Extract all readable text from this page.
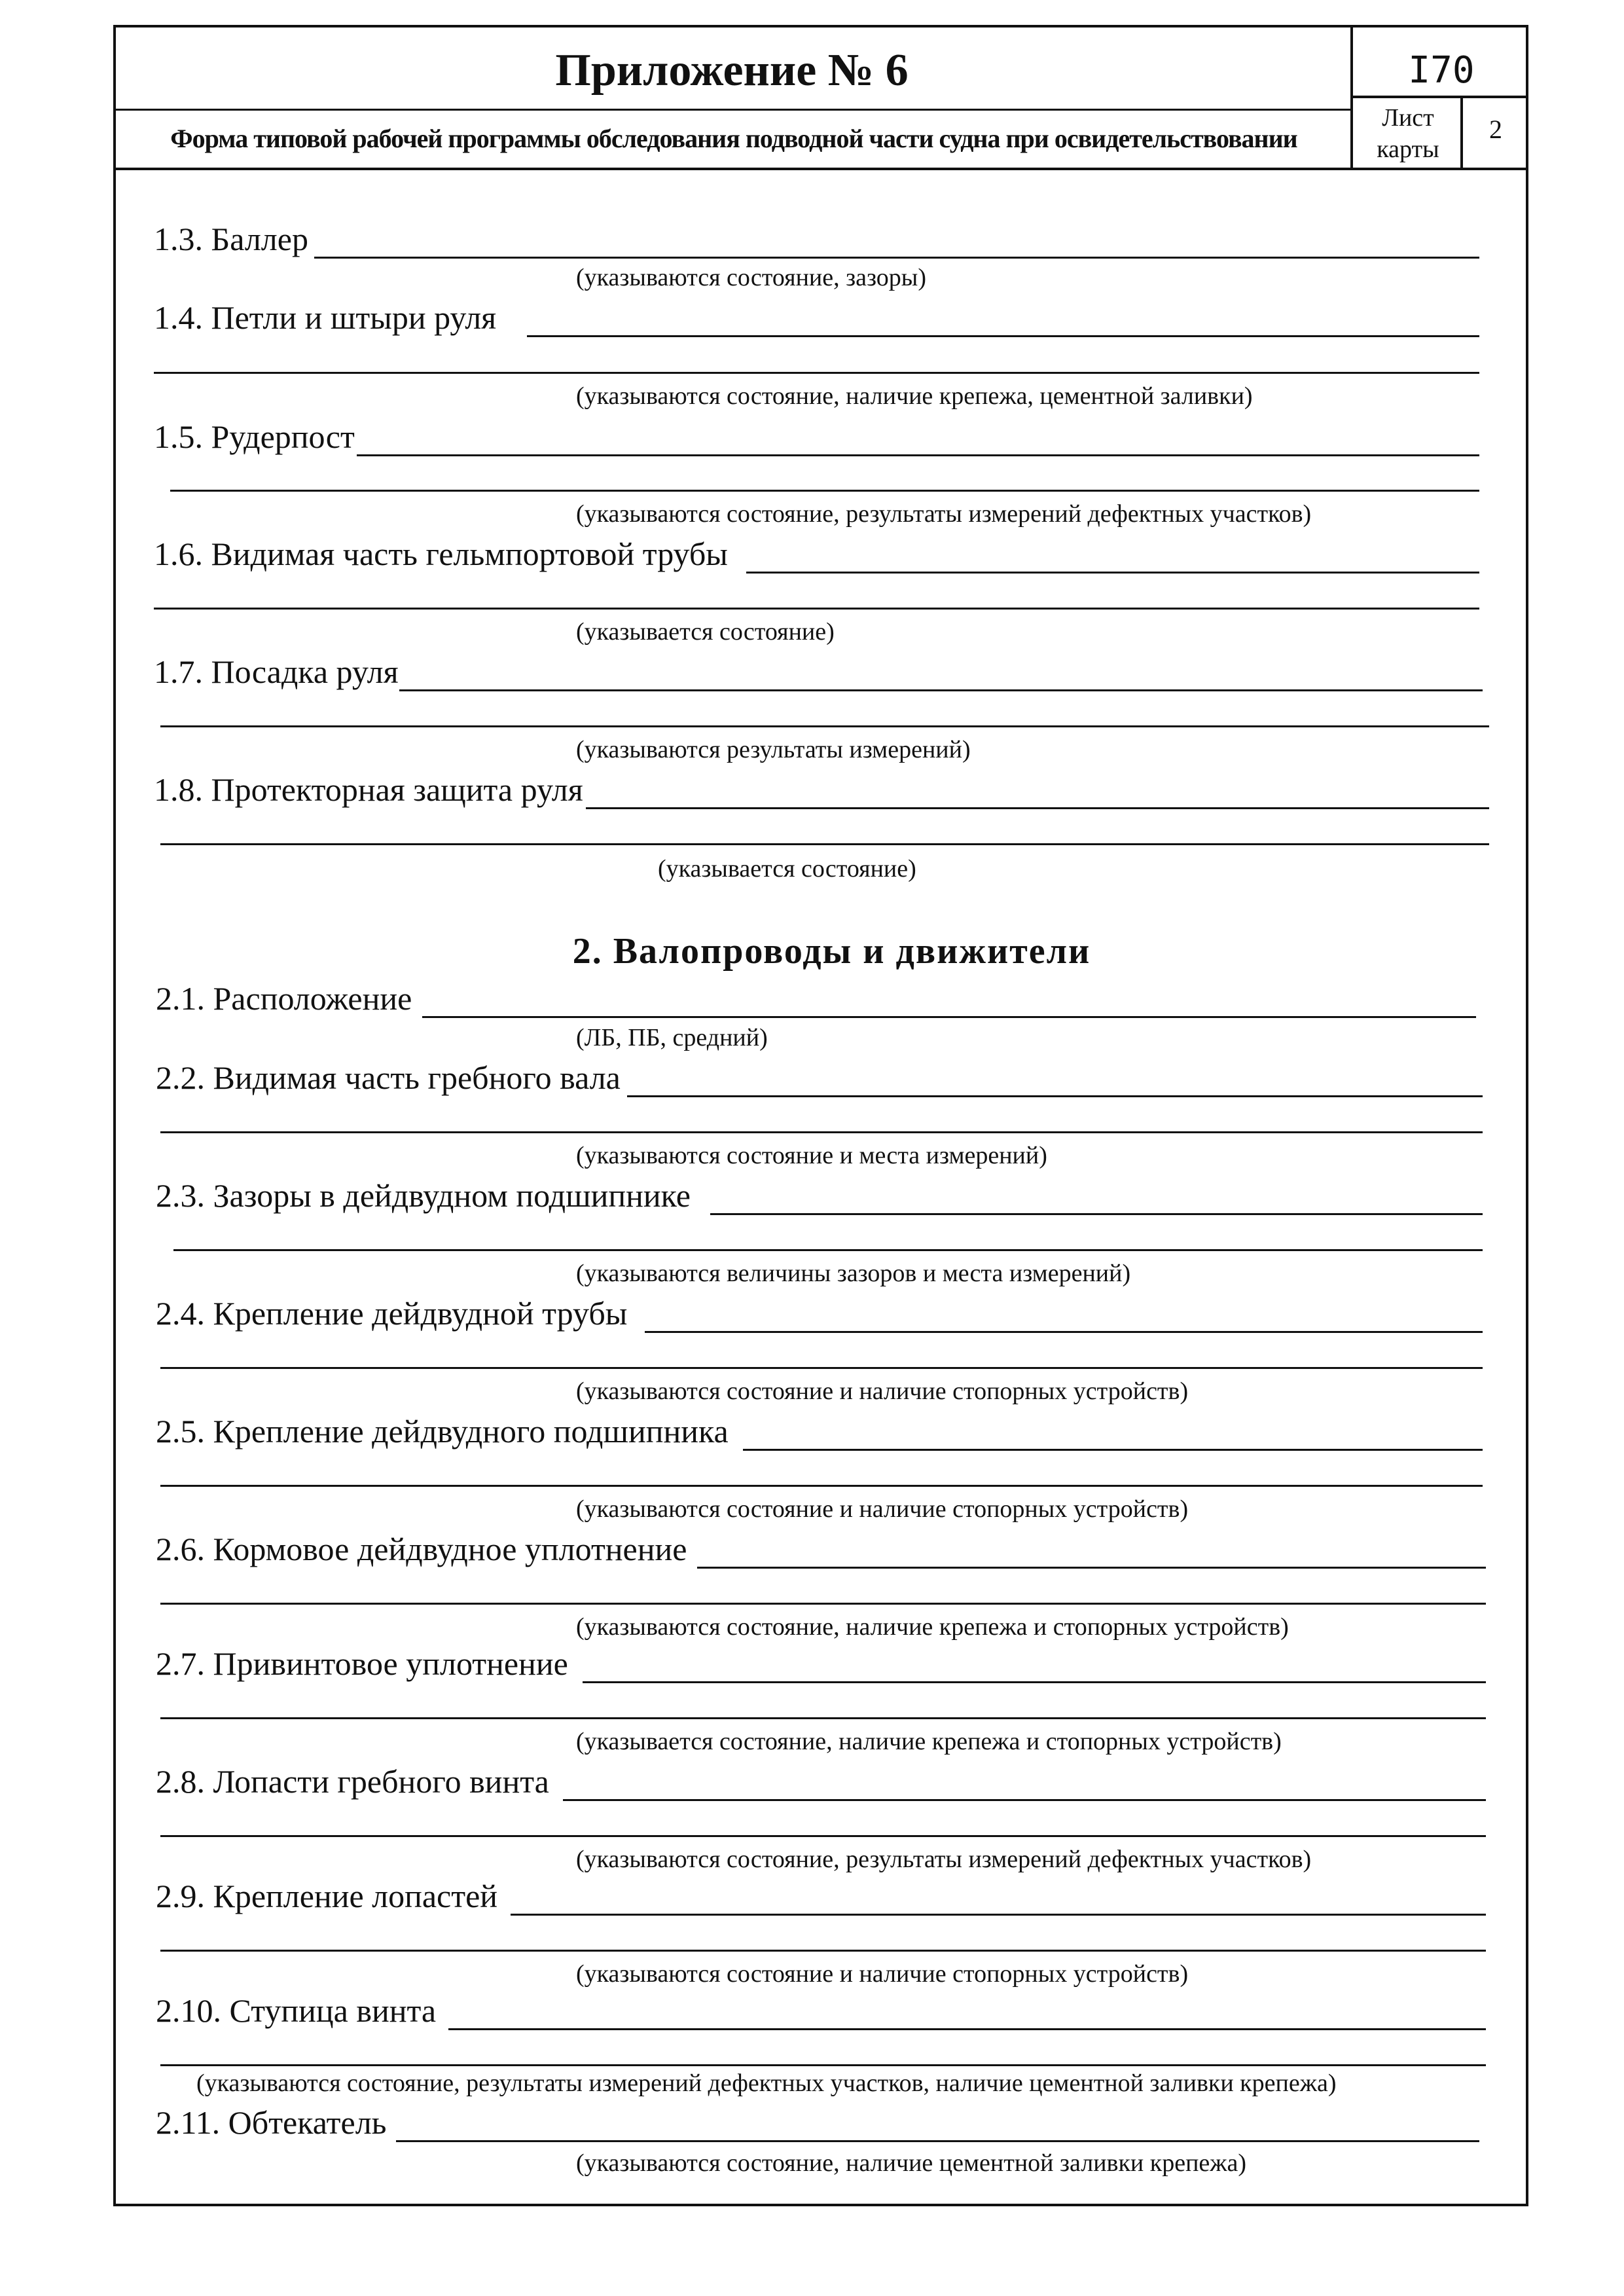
Приложение № 6
Форма типовой рабочей программы обследования подводной части судна при освидетельствовании
I70
Лист
карты
2
1.3. Баллер
(указываются состояние, зазоры)
1.4. Петли и штыри руля
(указываются состояние, наличие крепежа, цементной заливки)
1.5. Рудерпост
(указываются состояние, результаты измерений дефектных участков)
1.6. Видимая часть гельмпортовой трубы
(указывается состояние)
1.7. Посадка руля
(указываются результаты измерений)
1.8. Протекторная защита руля
(указывается состояние)
2. Валопроводы и движители
2.1. Расположение
(ЛБ, ПБ, средний)
2.2. Видимая часть гребного вала
(указываются состояние и места измерений)
2.3. Зазоры в дейдвудном подшипнике
(указываются величины зазоров и места измерений)
2.4. Крепление дейдвудной трубы
(указываются состояние и наличие стопорных устройств)
2.5. Крепление дейдвудного подшипника
(указываются состояние и наличие стопорных устройств)
2.6. Кормовое дейдвудное уплотнение
(указываются состояние, наличие крепежа и стопорных устройств)
2.7. Привинтовое уплотнение
(указывается состояние, наличие крепежа и стопорных устройств)
2.8. Лопасти гребного винта
(указываются состояние, результаты измерений дефектных участков)
2.9. Крепление лопастей
(указываются состояние и наличие стопорных устройств)
2.10. Ступица винта
(указываются состояние, результаты измерений дефектных участков, наличие цементной заливки крепежа)
2.11. Обтекатель
(указываются состояние, наличие цементной заливки крепежа)
